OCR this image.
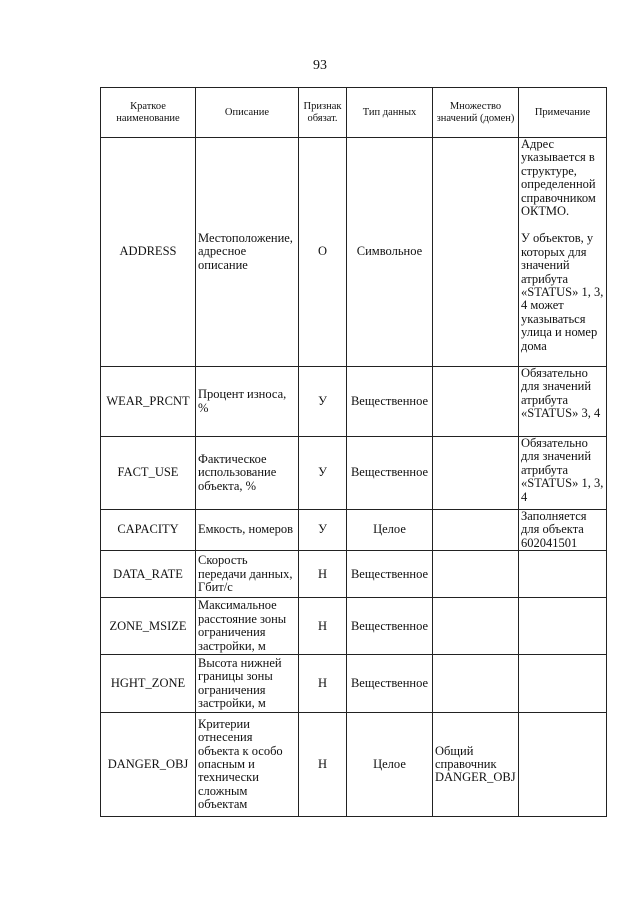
93
Краткое наименование	Описание	Признак обязат.	Тип данных	Множество значений (домен)	Примечание
ADDRESS	Местоположение, адресное описание	О	Символьное		Адрес указывается в структуре, определенной справочником ОКТМО.
У объектов, у которых для значений атрибута «STATUS» 1, 3, 4 может указываться улица и номер дома

WEAR_PRCNT	Процент износа, %	У	Вещественное		Обязательно для значений атрибута «STATUS» 3, 4

FACT_USE	Фактическое использование объекта, %	У	Вещественное		Обязательно для значений атрибута «STATUS» 1, 3, 4

CAPACITY	Емкость, номеров	У	Целое		Заполняется для объекта 602041501

DATA_RATE	Скорость передачи данных, Гбит/с	Н	Вещественное		
ZONE_MSIZE	Максимальное расстояние зоны ограничения застройки, м	Н	Вещественное		
HGHT_ZONE	Высота нижней границы зоны ограничения застройки, м	Н	Вещественное		
DANGER_OBJ	Критерии отнесения объекта к особо опасным и технически сложным объектам	Н	Целое	Общий справочник DANGER_OBJ	
